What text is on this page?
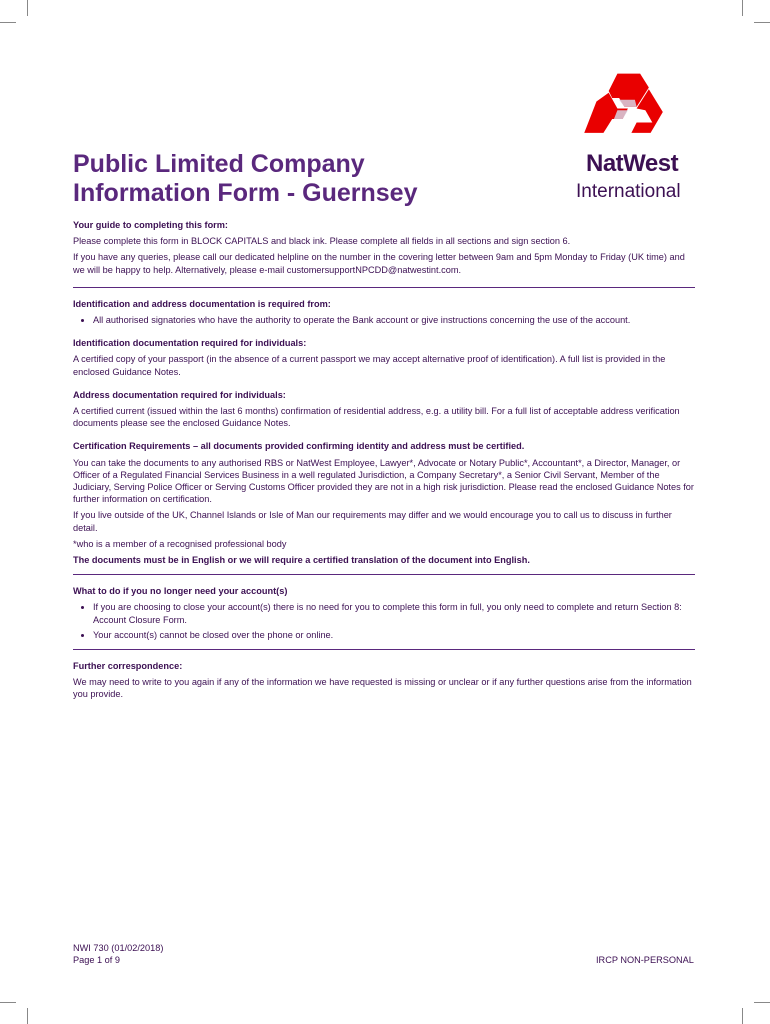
Public Limited Company
Information Form - Guernsey
NatWest
International

Your guide to completing this form:

Please complete this form in BLOCK CAPITALS and black ink. Please complete all fields in all sections and sign section 6.

If you have any queries, please call our dedicated helpline on the number in the covering letter between 9am and 5pm Monday to Friday (UK time) and we will be happy to help. Alternatively, please e-mail customersupportNPCDD@natwestint.com.

Identification and address documentation is required from:

• All authorised signatories who have the authority to operate the Bank account or give instructions concerning the use of the account.

Identification documentation required for individuals:

A certified copy of your passport (in the absence of a current passport we may accept alternative proof of identification). A full list is provided in the enclosed Guidance Notes.

Address documentation required for individuals:

A certified current (issued within the last 6 months) confirmation of residential address, e.g. a utility bill. For a full list of acceptable address verification documents please see the enclosed Guidance Notes.

Certification Requirements – all documents provided confirming identity and address must be certified.

You can take the documents to any authorised RBS or NatWest Employee, Lawyer*, Advocate or Notary Public*, Accountant*, a Director, Manager, or Officer of a Regulated Financial Services Business in a well regulated Jurisdiction, a Company Secretary*, a Senior Civil Servant, Member of the Judiciary, Serving Police Officer or Serving Customs Officer provided they are not in a high risk jurisdiction. Please read the enclosed Guidance Notes for further information on certification.

If you live outside of the UK, Channel Islands or Isle of Man our requirements may differ and we would encourage you to call us to discuss in further detail.

*who is a member of a recognised professional body

The documents must be in English or we will require a certified translation of the document into English.

What to do if you no longer need your account(s)

• If you are choosing to close your account(s) there is no need for you to complete this form in full, you only need to complete and return Section 8: Account Closure Form.
• Your account(s) cannot be closed over the phone or online.

Further correspondence:

We may need to write to you again if any of the information we have requested is missing or unclear or if any further questions arise from the information you provide.

NWI 730 (01/02/2018)
Page 1 of 9	IRCP NON-PERSONAL
